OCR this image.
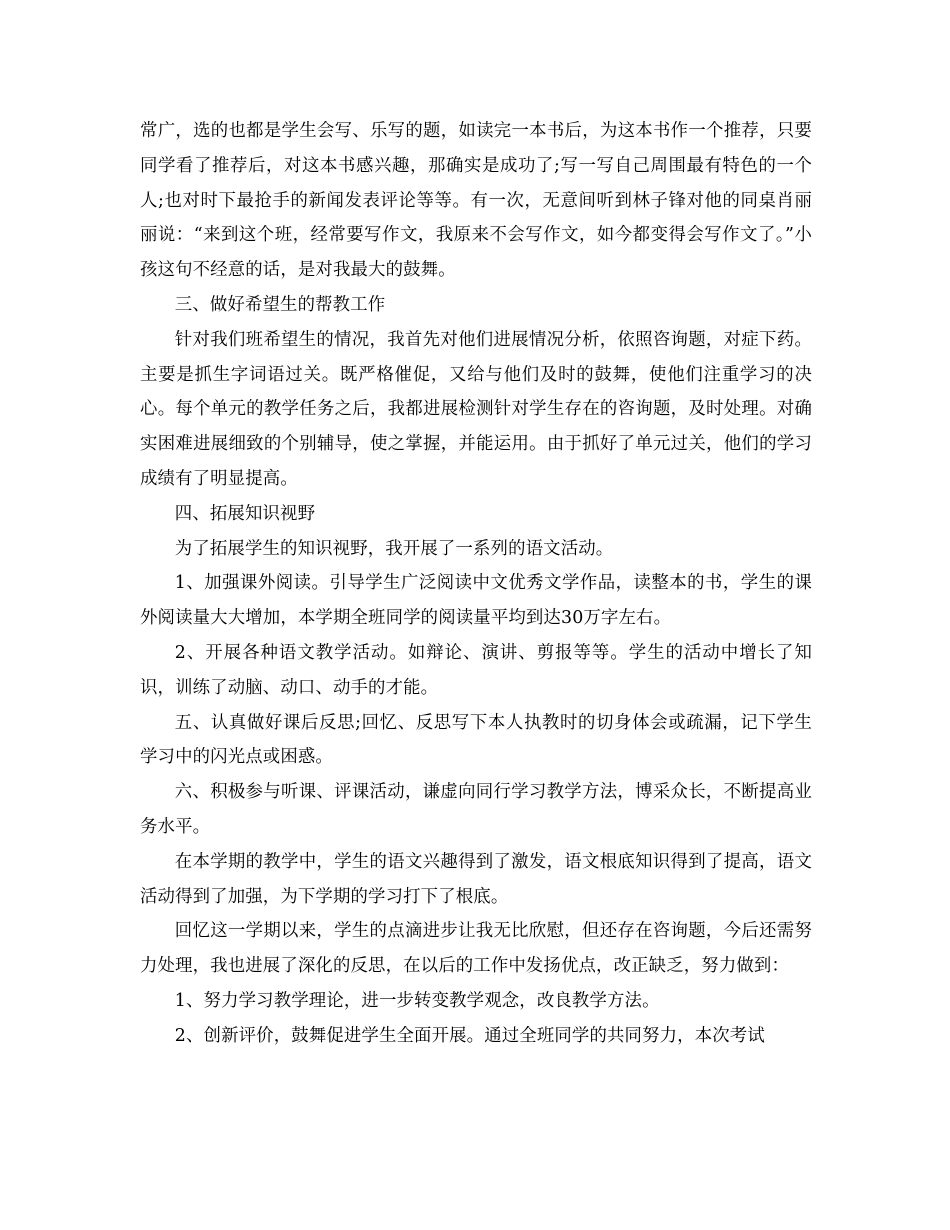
常广，选的也都是学生会写、乐写的题，如读完一本书后，为这本书作一个推荐，只要同学看了推荐后，对这本书感兴趣，那确实是成功了;写一写自己周围最有特色的一个人;也对时下最抢手的新闻发表评论等等。有一次，无意间听到林子锋对他的同桌肖丽丽说：“来到这个班，经常要写作文，我原来不会写作文，如今都变得会写作文了。”小孩这句不经意的话，是对我最大的鼓舞。

三、做好希望生的帮教工作

针对我们班希望生的情况，我首先对他们进展情况分析，依照咨询题，对症下药。主要是抓生字词语过关。既严格催促，又给与他们及时的鼓舞，使他们注重学习的决心。每个单元的教学任务之后，我都进展检测针对学生存在的咨询题，及时处理。对确实困难进展细致的个别辅导，使之掌握，并能运用。由于抓好了单元过关，他们的学习成绩有了明显提高。

四、拓展知识视野

为了拓展学生的知识视野，我开展了一系列的语文活动。

1、加强课外阅读。引导学生广泛阅读中文优秀文学作品，读整本的书，学生的课外阅读量大大增加，本学期全班同学的阅读量平均到达30万字左右。

2、开展各种语文教学活动。如辩论、演讲、剪报等等。学生的活动中增长了知识，训练了动脑、动口、动手的才能。

五、认真做好课后反思;回忆、反思写下本人执教时的切身体会或疏漏，记下学生学习中的闪光点或困惑。

六、积极参与听课、评课活动，谦虚向同行学习教学方法，博采众长，不断提高业务水平。

在本学期的教学中，学生的语文兴趣得到了激发，语文根底知识得到了提高，语文活动得到了加强，为下学期的学习打下了根底。

回忆这一学期以来，学生的点滴进步让我无比欣慰，但还存在咨询题，今后还需努力处理，我也进展了深化的反思，在以后的工作中发扬优点，改正缺乏，努力做到：

1、努力学习教学理论，进一步转变教学观念，改良教学方法。

2、创新评价，鼓舞促进学生全面开展。通过全班同学的共同努力，本次考试
